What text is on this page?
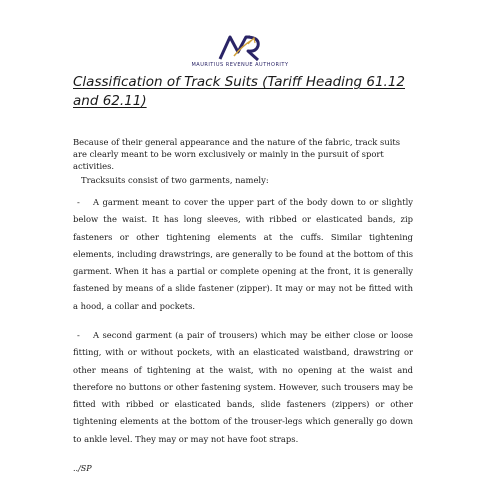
MAURITIUS REVENUE AUTHORITY
Classification of Track Suits (Tariff Heading 61.12 and 62.11)

Because of their general appearance and the nature of the fabric, track suits are clearly meant to be worn exclusively or mainly in the pursuit of sport activities.

Tracksuits consist of two garments, namely:

- A garment meant to cover the upper part of the body down to or slightly below the waist. It has long sleeves, with ribbed or elasticated bands, zip fasteners or other tightening elements at the cuffs. Similar tightening elements, including drawstrings, are generally to be found at the bottom of this garment. When it has a partial or complete opening at the front, it is generally fastened by means of a slide fastener (zipper). It may or may not be fitted with a hood, a collar and pockets.

- A second garment (a pair of trousers) which may be either close or loose fitting, with or without pockets, with an elasticated waistband, drawstring or other means of tightening at the waist, with no opening at the waist and therefore no buttons or other fastening system. However, such trousers may be fitted with ribbed or elasticated bands, slide fasteners (zippers) or other tightening elements at the bottom of the trouser-legs which generally go down to ankle level. They may or may not have foot straps.

../SP
